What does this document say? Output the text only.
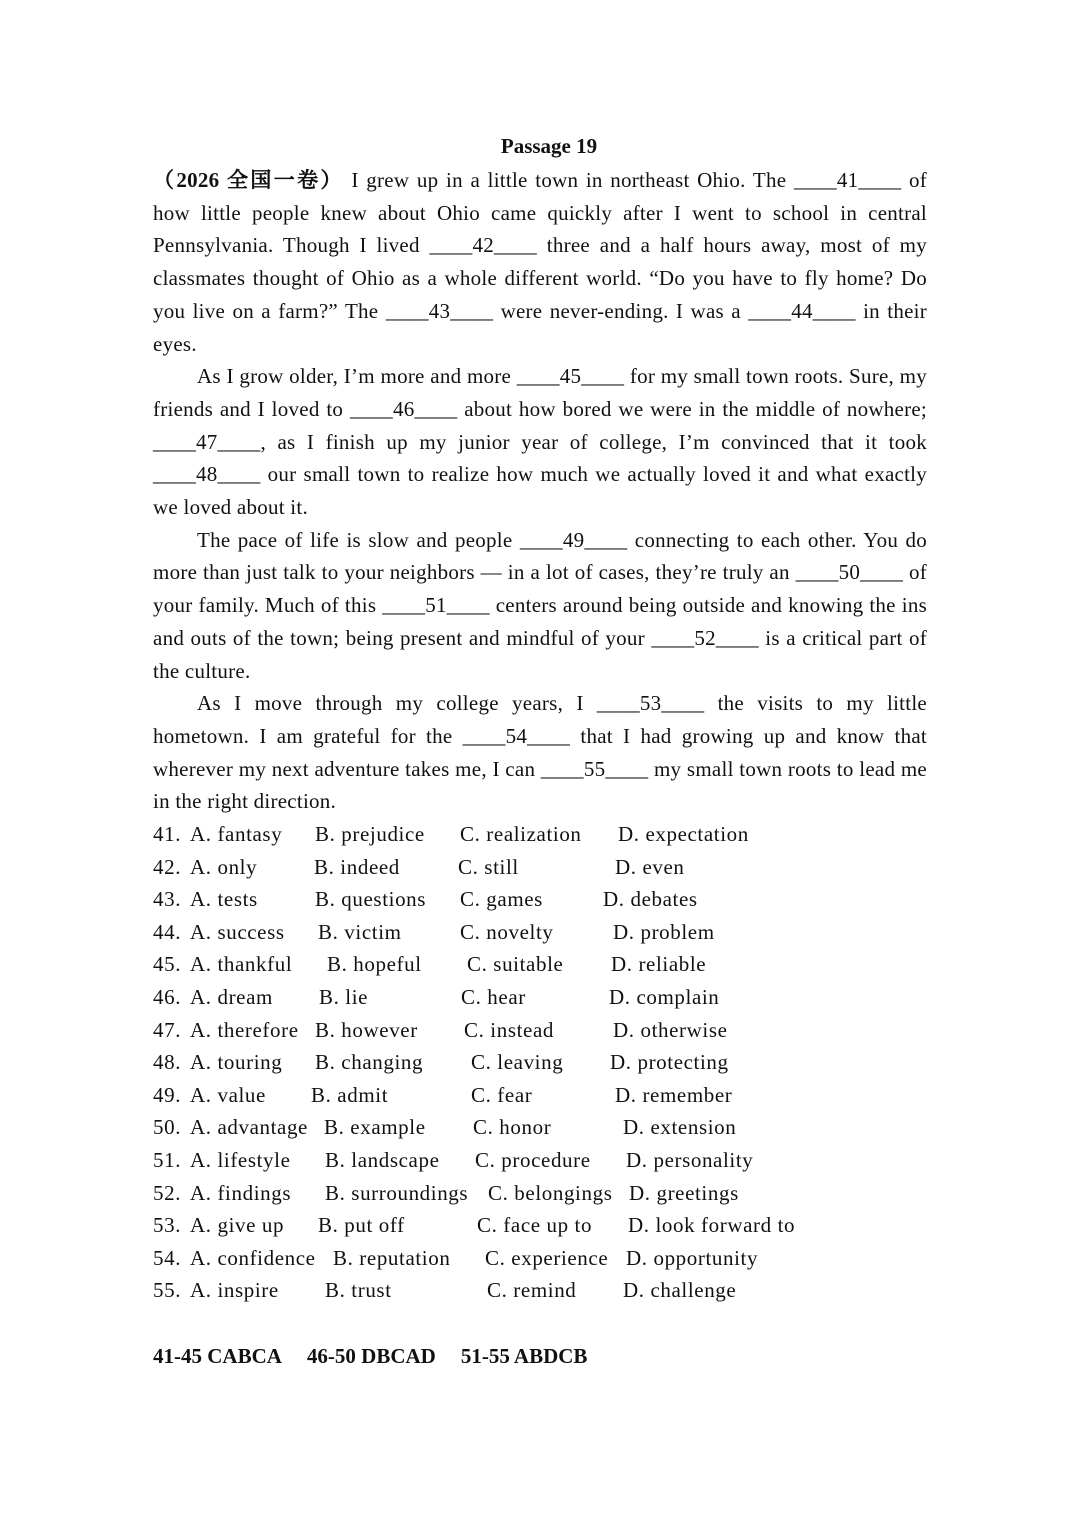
Passage 19

（2026 全国一卷） I grew up in a little town in northeast Ohio. The ____41____ of how little people knew about Ohio came quickly after I went to school in central Pennsylvania. Though I lived ____42____ three and a half hours away, most of my classmates thought of Ohio as a whole different world. “Do you have to fly home? Do you live on a farm?” The ____43____ were never-ending. I was a ____44____ in their eyes.

As I grow older, I’m more and more ____45____ for my small town roots. Sure, my friends and I loved to ____46____ about how bored we were in the middle of nowhere; ____47____, as I finish up my junior year of college, I’m convinced that it took ____48____ our small town to realize how much we actually loved it and what exactly we loved about it.

The pace of life is slow and people ____49____ connecting to each other. You do more than just talk to your neighbors — in a lot of cases, they’re truly an ____50____ of your family. Much of this ____51____ centers around being outside and knowing the ins and outs of the town; being present and mindful of your ____52____ is a critical part of the culture.

As I move through my college years, I ____53____ the visits to my little hometown. I am grateful for the ____54____ that I had growing up and know that wherever my next adventure takes me, I can ____55____ my small town roots to lead me in the right direction.

41. A. fantasy B. prejudice C. realization D. expectation
42. A. only	B. indeed	C. still	D. even
43. A. tests	B. questions C. games	D. debates
44. A. success B. victim	C. novelty	D. problem
45. A. thankful B. hopeful C. suitable D. reliable
46. A. dream B. lie	C. hear	D. complain
47. A. therefore B. however C. instead	D. otherwise
48. A. touring B. changing C. leaving D. protecting
49. A. value B. admit	C. fear	D. remember
50. A. advantage B. example C. honor	D. extension
51. A. lifestyle B. landscape C. procedure D. personality
52. A. findings B. surroundings C. belongings D. greetings
53. A. give up B. put off	C. face up to D. look forward to
54. A. confidence B. reputation C. experience D. opportunity
55. A. inspire B. trust	C. remind D. challenge
41-45 CABCA 46-50 DBCAD 51-55 ABDCB
